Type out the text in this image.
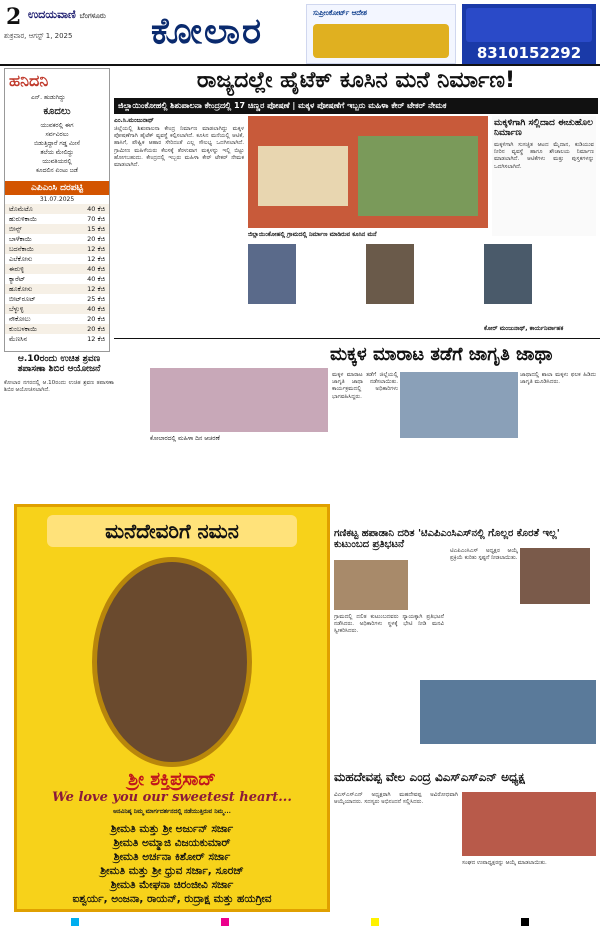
2 ಉದಯವಾಣಿ ಬೆಂಗಳೂರು
ಶುಕ್ರವಾರ, ಆಗಸ್ಟ್ 1, 2025	ಕೋಲಾರ	ಸುಪ್ರೀಂಕೋರ್ಟ್ ಆದೇಶ
8310152292
ಹನಿದನಿ
ಎನ್. ಹುಡುಗಿದ್ದು
ಕೂದಲು
ಯುವಕರಲ್ಲಿ ಈಗ
ಸರ್ವವಿರಲು
ಬಿಡುತ್ತಿದ್ದಾರೆ ಗಡ್ಡ ಮೀಸೆ
ತಲೆಯ ಮೇಲಿದ್ದು
ಯುವತಿಯರಲ್ಲಿ
ಕೂದಲಿನ ಏಂಟು ಜಡೆ
ಎಪಿಎಂಸಿ ದರಪಟ್ಟಿ
31.07.2025
ಟೊಮೆಟೊ	40 ಕೆಜಿ
ಹುರುಳಿಕಾಯಿ	70 ಕೆಜಿ
ಬೀನ್ಸ್	15 ಕೆಜಿ
ಬಾಳೆಕಾಯಿ	20 ಕೆಜಿ
ಬದನೆಕಾಯಿ	12 ಕೆಜಿ
ಎಲೆಕೋಸು	12 ಕೆಜಿ
ಈರುಳ್ಳಿ	40 ಕೆಜಿ
ಕ್ಯಾರೆಟ್	40 ಕೆಜಿ
ಹೂಕೋಸು	12 ಕೆಜಿ
ಬೀಟ್‌ರೂಟ್	25 ಕೆಜಿ
ಬೆಳ್ಳುಳ್ಳಿ	40 ಕೆಜಿ
ನೌಕೋಲು	20 ಕೆಜಿ
ಕುಂಬಳಕಾಯಿ	20 ಕೆಜಿ
ಮೆಣಸಿನ	12 ಕೆಜಿ
ರಾಜ್ಯದಲ್ಲೇ ಹೈಟೆಕ್ ಕೂಸಿನ ಮನೆ ನಿರ್ಮಾಣ!
ಜಿಲ್ಲಾಯಿಂಕೋಹಲ್ಲಿ ಶಿಶುಪಾಲನಾ ಕೇಂದ್ರದಲ್ಲಿ 17 ಚಿಣ್ಣರ ಪೋಷಣೆ | ಮಕ್ಕಳ ಪೋಷಣೆಗೆ ಇಬ್ಬರು ಮಹಿಳಾ ಕೇರ್ ಟೇಕರ್ ನೇಮಕ
ಎಂ.ಸಿ.ಮಂಜುನಾಥ್
ಜಿಲ್ಲೆಯಲ್ಲಿ ಶಿಶುಪಾಲನಾ ಕೇಂದ್ರ ನಿರ್ಮಾಣ ಮಾಡಲಾಗಿದ್ದು ಮಕ್ಕಳ ಪೋಷಣೆಗಾಗಿ ಹೈಟೆಕ್ ವ್ಯವಸ್ಥೆ ಕಲ್ಪಿಸಲಾಗಿದೆ. ಕೂಸಿನ ಮನೆಯಲ್ಲಿ ಆಟಿಕೆ, ಹಾಸಿಗೆ, ಪೌಷ್ಟಿಕ ಆಹಾರ ಸೇರಿದಂತೆ ಎಲ್ಲ ಸೌಲಭ್ಯ ಒದಗಿಸಲಾಗಿದೆ. ಗ್ರಾಮೀಣ ಮಹಿಳೆಯರು ಕೆಲಸಕ್ಕೆ ತೆರಳುವಾಗ ಮಕ್ಕಳನ್ನು ಇಲ್ಲಿ ಬಿಟ್ಟು ಹೋಗಬಹುದು. ಕೇಂದ್ರದಲ್ಲಿ ಇಬ್ಬರು ಮಹಿಳಾ ಕೇರ್ ಟೇಕರ್ ನೇಮಕ ಮಾಡಲಾಗಿದೆ.
ಜಿಲ್ಲಾಯಿಂಕೋಹಲ್ಲಿ ಗ್ರಾಮದಲ್ಲಿ ನಿರ್ಮಾಣ ಮಾಡಿರುವ ಕೂಸಿನ ಮನೆ
ಮಕ್ಕಳಿಗಾಗಿ ಸಲ್ಲಿದಾದ ಈಚುಹೊಲ ನಿರ್ಮಾಣ
ಮಕ್ಕಳಿಗಾಗಿ ಸುಸಜ್ಜಿತ ಆಟದ ಮೈದಾನ, ಕುಡಿಯುವ ನೀರಿನ ವ್ಯವಸ್ಥೆ ಹಾಗೂ ಶೌಚಾಲಯ ನಿರ್ಮಾಣ ಮಾಡಲಾಗಿದೆ. ಆಟಿಕೆಗಳು ಮತ್ತು ಪುಸ್ತಕಗಳನ್ನು ಒದಗಿಸಲಾಗಿದೆ.
ಕೋರ್ ಮಂಜುನಾಥ್, ಕಾರ್ಯನಿರ್ವಾಹಕ
ಆ.10ರಂದು ಉಚಿತ ಶ್ರವಣ ತಪಾಸಣಾ ಶಿಬಿರ ಆಯೋಜನೆ
ಕೋಲಾರ ನಗರದಲ್ಲಿ ಆ.10ರಂದು ಉಚಿತ ಶ್ರವಣ ತಪಾಸಣಾ ಶಿಬಿರ ಆಯೋಜಿಸಲಾಗಿದೆ.
ಮಕ್ಕಳ ಮಾರಾಟ ತಡೆಗೆ ಜಾಗೃತಿ ಜಾಥಾ
ಕೋಲಾರದಲ್ಲಿ ಮಹಿಳಾ ದಿನ ಆಚರಣೆ
ಮಕ್ಕಳ ಮಾರಾಟ ತಡೆಗೆ ಜಿಲ್ಲೆಯಲ್ಲಿ ಜಾಗೃತಿ ಜಾಥಾ ನಡೆಸಲಾಯಿತು. ಕಾರ್ಯಕ್ರಮದಲ್ಲಿ ಅಧಿಕಾರಿಗಳು ಭಾಗವಹಿಸಿದ್ದರು.
ಜಾಥಾದಲ್ಲಿ ಶಾಲಾ ಮಕ್ಕಳು ಫಲಕ ಹಿಡಿದು ಜಾಗೃತಿ ಮೂಡಿಸಿದರು.
ಮನೆದೇವರಿಗೆ ನಮನ
ಶ್ರೀ ಶಕ್ತಿಪ್ರಸಾದ್
We love you our sweetest heart...
ಅನವಿನಿಷ್ಠ ನಿಮ್ಮ ಮಾರ್ಗದರ್ಶನದಲ್ಲಿ ನಡೆಯುತ್ತಿರುವ ನಿಮ್ಮ...
ಶ್ರೀಮತಿ ಮತ್ತು ಶ್ರೀ ಅರ್ಜುನ್ ಸರ್ಜಾ
ಶ್ರೀಮತಿ ಅಮ್ಮಾಜಿ ವಿಜಯಕುಮಾರ್
ಶ್ರೀಮತಿ ಅರ್ಚನಾ ಕಿಶೋರ್ ಸರ್ಜಾ
ಶ್ರೀಮತಿ ಮತ್ತು ಶ್ರೀ ಧ್ರುವ ಸರ್ಜಾ, ಸೂರಜ್
ಶ್ರೀಮತಿ ಮೇಘನಾ ಚಿರಂಜೀವಿ ಸರ್ಜಾ
ಐಶ್ವರ್ಯ, ಅಂಜನಾ, ರಾಯನ್, ರುದ್ರಾಕ್ಷ ಮತ್ತು ಹಯಗ್ರೀವ
ಗಣಿಕಟ್ಟ ಹಪಾಡಾನಿ ದರಿತ ಕುಟುಂಬದ ಪ್ರತಿಭಟನೆ
ಗ್ರಾಮದಲ್ಲಿ ದಲಿತ ಕುಟುಂಬದವರು ನ್ಯಾಯಕ್ಕಾಗಿ ಪ್ರತಿಭಟನೆ ನಡೆಸಿದರು. ಅಧಿಕಾರಿಗಳು ಸ್ಥಳಕ್ಕೆ ಭೇಟಿ ನೀಡಿ ಮನವಿ ಸ್ವೀಕರಿಸಿದರು.
'ಟಿಎಪಿಎಂಸಿಎಸ್‌ನಲ್ಲಿ ಗೊಲ್ಲರ ಕೊರತೆ ಇಲ್ಲ'
ಟಿಎಪಿಎಂಸಿಎಸ್ ಅಧ್ಯಕ್ಷರ ಆಯ್ಕೆ ಪ್ರಕ್ರಿಯೆ ಕುರಿತು ಸ್ಪಷ್ಟನೆ ನೀಡಲಾಯಿತು.
ಮಹದೇವಪ್ಪ ವೇಲ ಎಂದ್ರ ವಿಎಸ್‌ಎಸ್‌ಎನ್ ಅಧ್ಯಕ್ಷ
ವಿಎಸ್‌ಎಸ್‌ಎನ್ ಅಧ್ಯಕ್ಷರಾಗಿ ಮಹದೇವಪ್ಪ ಅವಿರೋಧವಾಗಿ ಆಯ್ಕೆಯಾದರು. ಸದಸ್ಯರು ಅಭಿನಂದನೆ ಸಲ್ಲಿಸಿದರು.
ಸಂಘದ ಉಪಾಧ್ಯಕ್ಷರನ್ನು ಆಯ್ಕೆ ಮಾಡಲಾಯಿತು.
